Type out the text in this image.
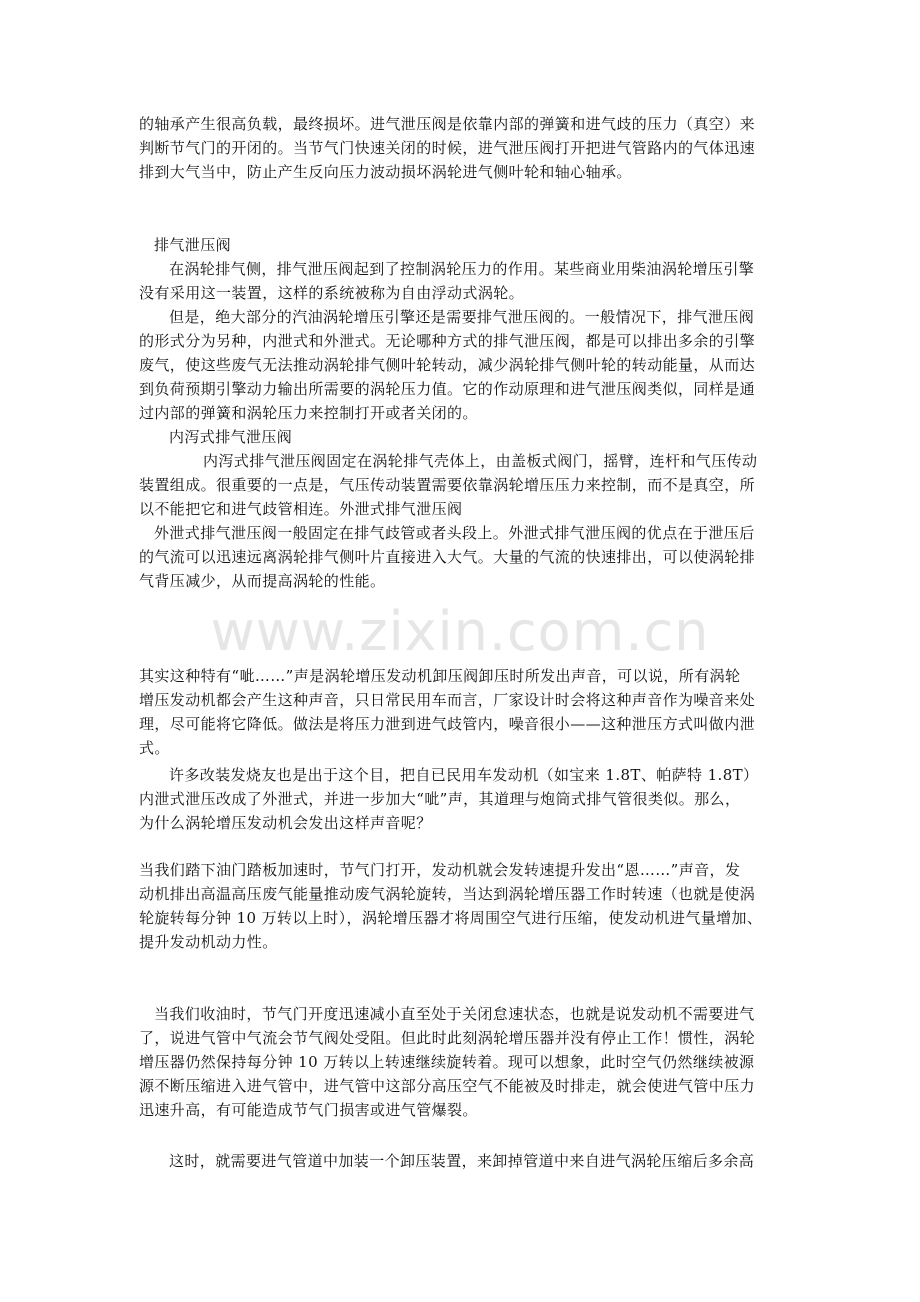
www.zixin.com.cn

的轴承产生很高负载，最终损坏。进气泄压阀是依靠内部的弹簧和进气歧的压力（真空）来
判断节气门的开闭的。当节气门快速关闭的时候，进气泄压阀打开把进气管路内的气体迅速
排到大气当中，防止产生反向压力波动损坏涡轮进气侧叶轮和轴心轴承。

排气泄压阀

在涡轮排气侧，排气泄压阀起到了控制涡轮压力的作用。某些商业用柴油涡轮增压引擎
没有采用这一装置，这样的系统被称为自由浮动式涡轮。

但是，绝大部分的汽油涡轮增压引擎还是需要排气泄压阀的。一般情况下，排气泄压阀
的形式分为另种，内泄式和外泄式。无论哪种方式的排气泄压阀，都是可以排出多余的引擎
废气，使这些废气无法推动涡轮排气侧叶轮转动，减少涡轮排气侧叶轮的转动能量，从而达
到负荷预期引擎动力输出所需要的涡轮压力值。它的作动原理和进气泄压阀类似，同样是通
过内部的弹簧和涡轮压力来控制打开或者关闭的。

内泻式排气泄压阀

内泻式排气泄压阀固定在涡轮排气壳体上，由盖板式阀门，摇臂，连杆和气压传动
装置组成。很重要的一点是，气压传动装置需要依靠涡轮增压压力来控制，而不是真空，所
以不能把它和进气歧管相连。外泄式排气泄压阀

外泄式排气泄压阀一般固定在排气歧管或者头段上。外泄式排气泄压阀的优点在于泄压后
的气流可以迅速远离涡轮排气侧叶片直接进入大气。大量的气流的快速排出，可以使涡轮排
气背压减少，从而提高涡轮的性能。

其实这种特有“呲……”声是涡轮增压发动机卸压阀卸压时所发出声音，可以说，所有涡轮
增压发动机都会产生这种声音，只日常民用车而言，厂家设计时会将这种声音作为噪音来处
理，尽可能将它降低。做法是将压力泄到进气歧管内，噪音很小——这种泄压方式叫做内泄
式。

许多改装发烧友也是出于这个目，把自已民用车发动机（如宝来 1.8T、帕萨特 1.8T）
内泄式泄压改成了外泄式，并进一步加大“呲”声，其道理与炮筒式排气管很类似。那么，
为什么涡轮增压发动机会发出这样声音呢？

当我们踏下油门踏板加速时，节气门打开，发动机就会发转速提升发出“恩……”声音，发
动机排出高温高压废气能量推动废气涡轮旋转，当达到涡轮增压器工作时转速（也就是使涡
轮旋转每分钟 10 万转以上时），涡轮增压器才将周围空气进行压缩，使发动机进气量增加、
提升发动机动力性。

当我们收油时，节气门开度迅速减小直至处于关闭怠速状态，也就是说发动机不需要进气
了，说进气管中气流会节气阀处受阻。但此时此刻涡轮增压器并没有停止工作！惯性，涡轮
增压器仍然保持每分钟 10 万转以上转速继续旋转着。现可以想象，此时空气仍然继续被源
源不断压缩进入进气管中，进气管中这部分高压空气不能被及时排走，就会使进气管中压力
迅速升高，有可能造成节气门损害或进气管爆裂。

这时，就需要进气管道中加装一个卸压装置，来卸掉管道中来自进气涡轮压缩后多余高
